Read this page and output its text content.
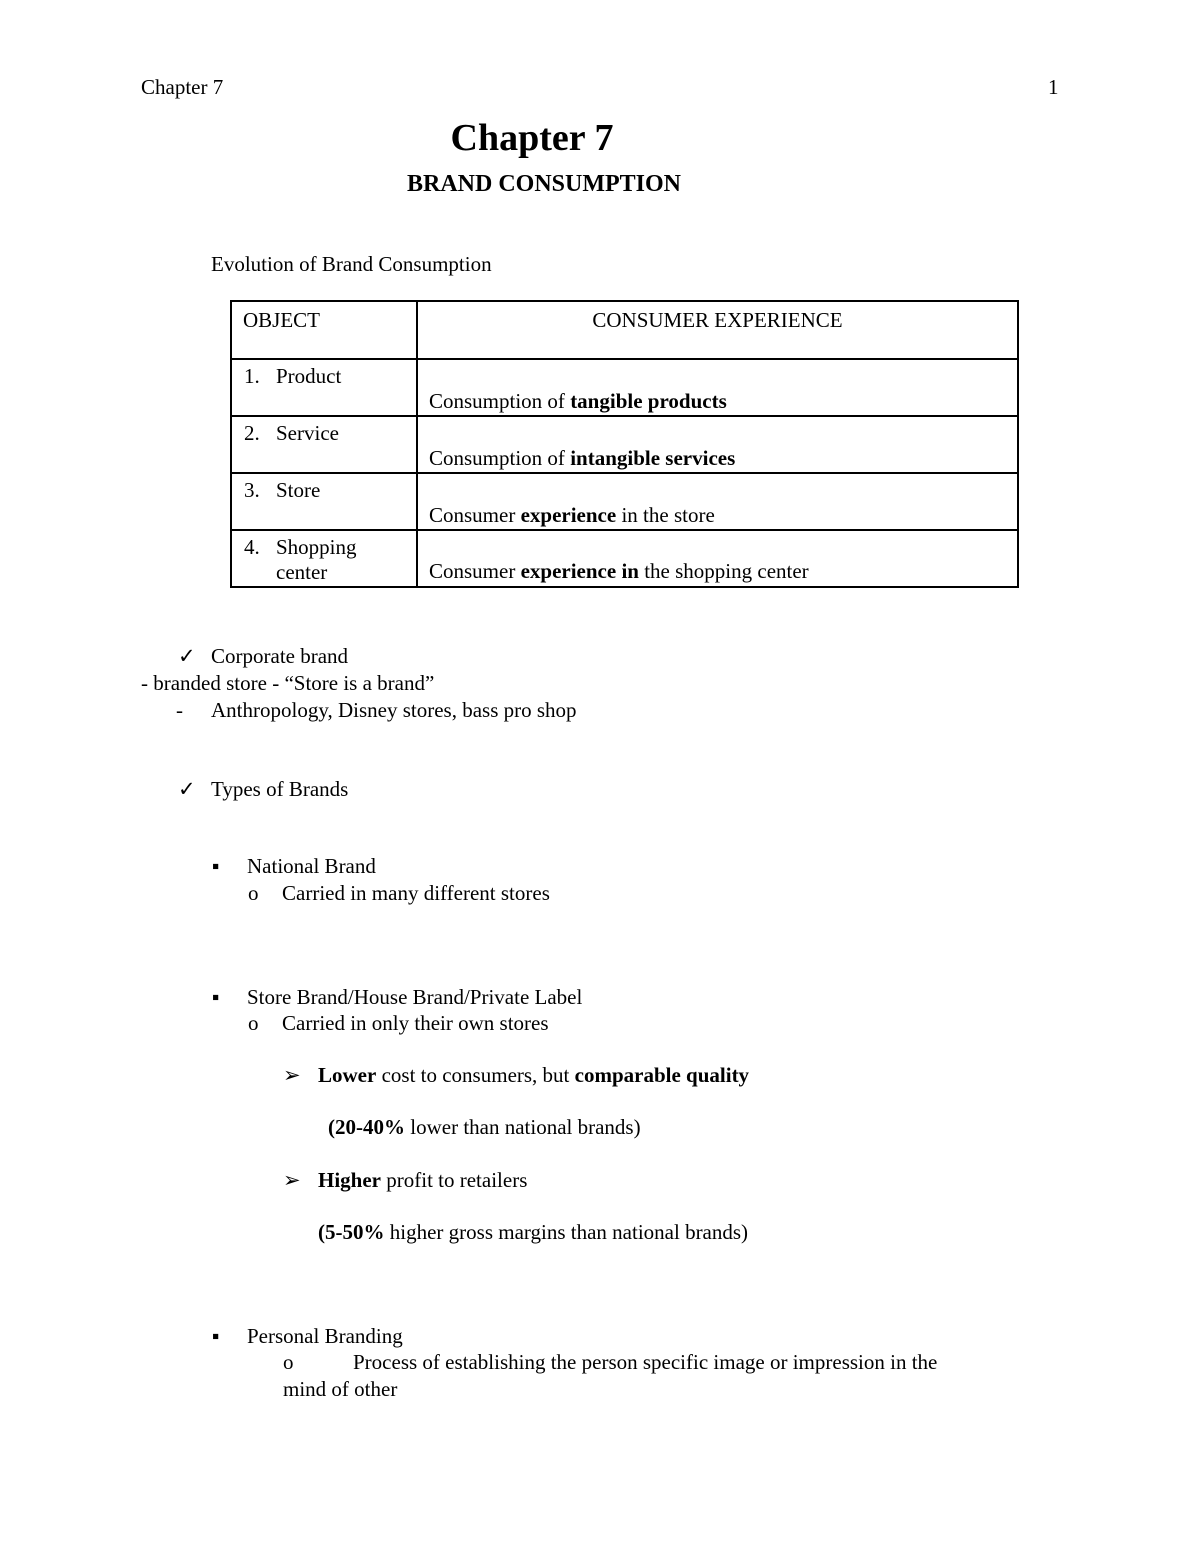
Chapter 7	1
Chapter 7
BRAND CONSUMPTION
Evolution of Brand Consumption
OBJECT	CONSUMER EXPERIENCE

1. Product	Consumption of tangible products

2. Service	Consumption of intangible services

3. Store	Consumer experience in the store

4. Shopping
center	Consumer experience in the shopping center
✓ Corporate brand
- branded store - “Store is a brand”
- Anthropology, Disney stores, bass pro shop
✓ Types of Brands
▪ National Brand
o Carried in many different stores
▪ Store Brand/House Brand/Private Label
o Carried in only their own stores
➢ Lower cost to consumers, but comparable quality
(20-40% lower than national brands)
➢ Higher profit to retailers
(5-50% higher gross margins than national brands)
▪ Personal Branding
o	Process of establishing the person specific image or impression in the
mind of other
